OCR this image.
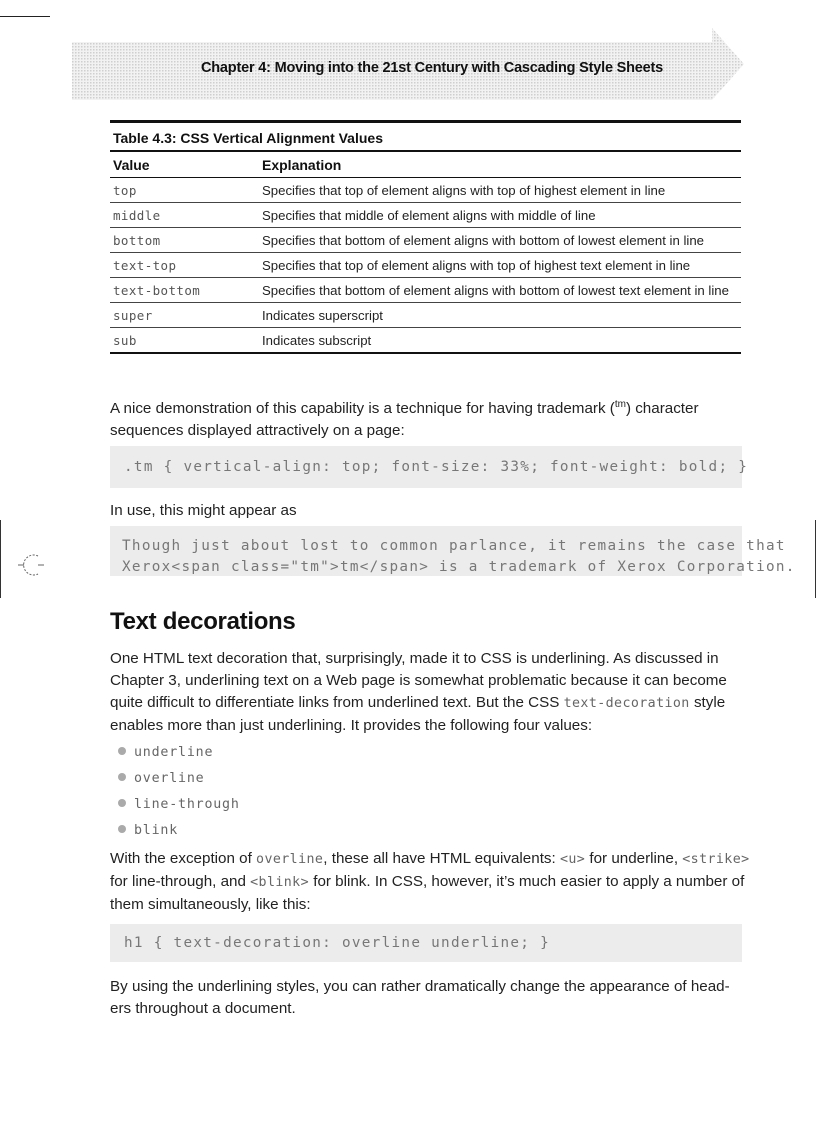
Chapter 4: Moving into the 21st Century with Cascading Style Sheets
Table 4.3: CSS Vertical Alignment Values
Value	Explanation
top	Specifies that top of element aligns with top of highest element in line
middle	Specifies that middle of element aligns with middle of line
bottom	Specifies that bottom of element aligns with bottom of lowest element in line
text-top	Specifies that top of element aligns with top of highest text element in line
text-bottom	Specifies that bottom of element aligns with bottom of lowest text element in line
super	Indicates superscript
sub	Indicates subscript
A nice demonstration of this capability is a technique for having trademark ($^{tm}$) character sequences displayed attractively on a page:
.tm { vertical-align: top; font-size: 33%; font-weight: bold; }
In use, this might appear as
Though just about lost to common parlance, it remains the case that
Xerox<span class="tm">tm</span> is a trademark of Xerox Corporation.
Text decorations
One HTML text decoration that, surprisingly, made it to CSS is underlining. As discussed in Chapter 3, underlining text on a Web page is somewhat problematic because it can become quite difficult to differentiate links from underlined text. But the CSS text-decoration style enables more than just underlining. It provides the following four values:
underline
overline
line-through
blink
With the exception of overline, these all have HTML equivalents: <u> for underline, <strike> for line-through, and <blink> for blink. In CSS, however, it’s much easier to apply a number of them simultaneously, like this:
h1 { text-decoration: overline underline; }
By using the underlining styles, you can rather dramatically change the appearance of head-ers throughout a document.
